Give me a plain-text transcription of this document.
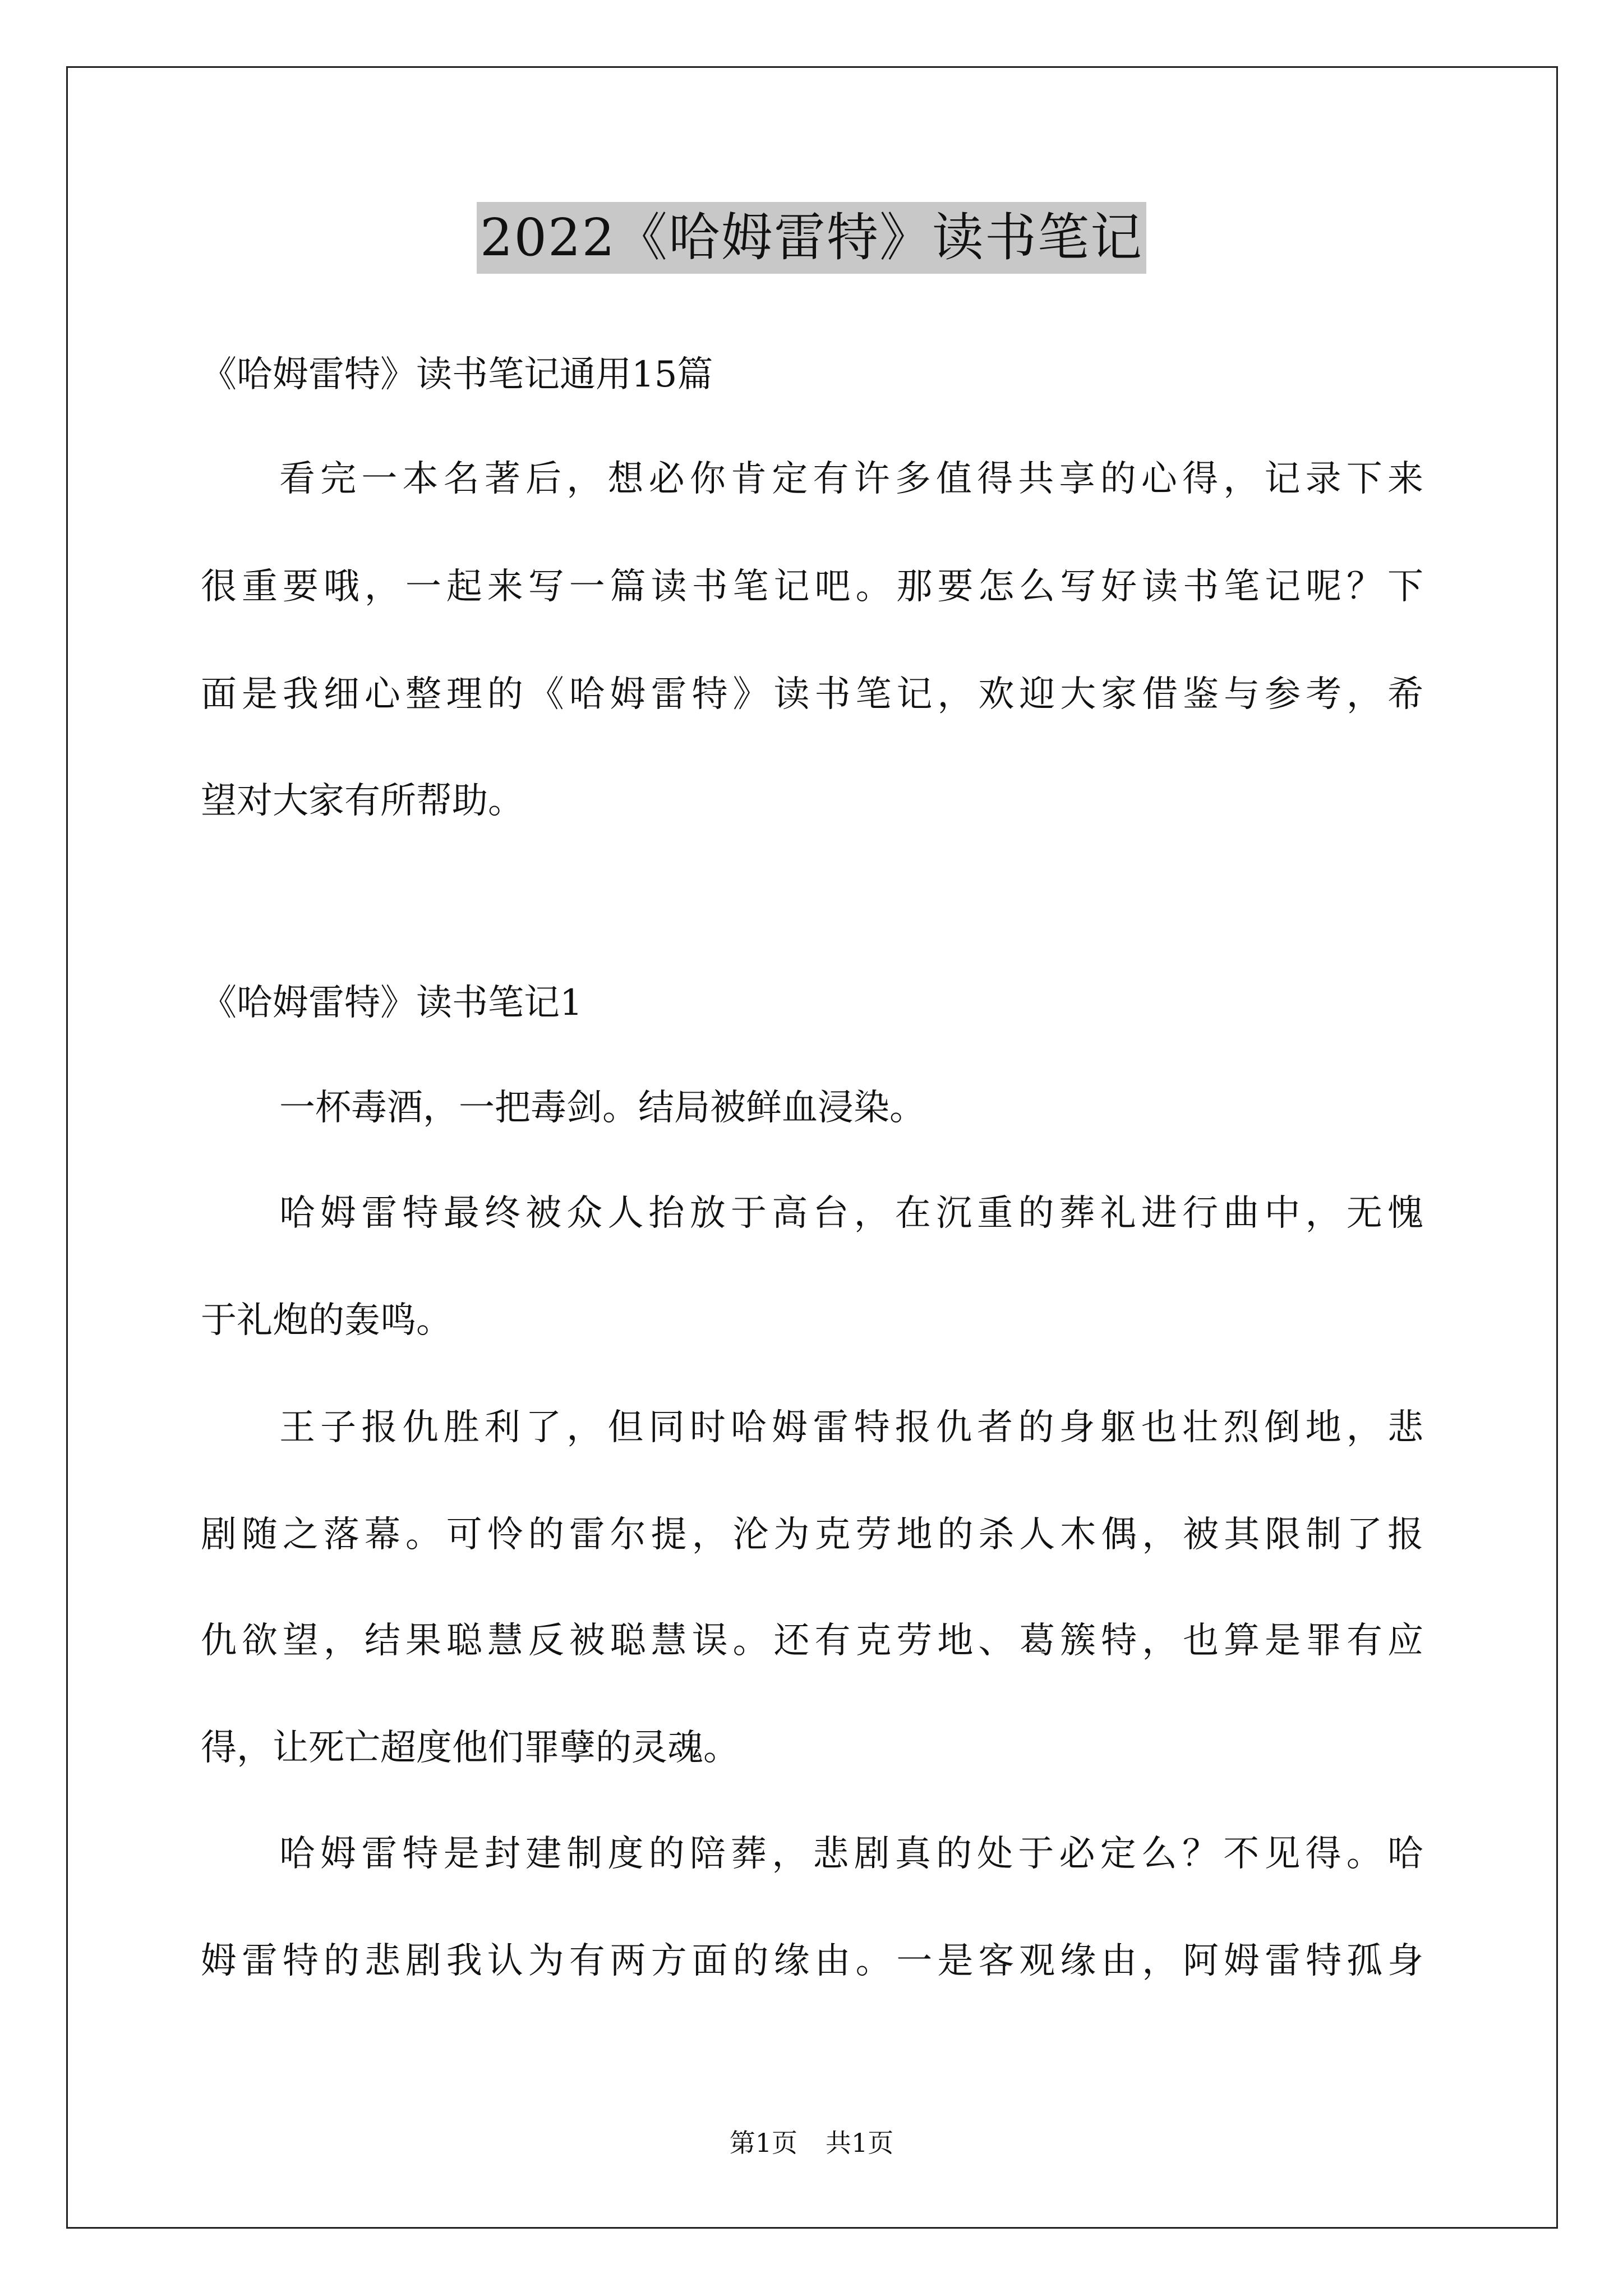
2022《哈姆雷特》读书笔记
《哈姆雷特》读书笔记通用15篇
看完一本名著后，想必你肯定有许多值得共享的心得，记录下来
很重要哦，一起来写一篇读书笔记吧。那要怎么写好读书笔记呢？下
面是我细心整理的《哈姆雷特》读书笔记，欢迎大家借鉴与参考，希
望对大家有所帮助。
《哈姆雷特》读书笔记1
一杯毒酒，一把毒剑。结局被鲜血浸染。
哈姆雷特最终被众人抬放于高台，在沉重的葬礼进行曲中，无愧
于礼炮的轰鸣。
王子报仇胜利了，但同时哈姆雷特报仇者的身躯也壮烈倒地，悲
剧随之落幕。可怜的雷尔提，沦为克劳地的杀人木偶，被其限制了报
仇欲望，结果聪慧反被聪慧误。还有克劳地、葛簇特，也算是罪有应
得，让死亡超度他们罪孽的灵魂。
哈姆雷特是封建制度的陪葬，悲剧真的处于必定么？不见得。哈
姆雷特的悲剧我认为有两方面的缘由。一是客观缘由，阿姆雷特孤身
第1页 共1页
